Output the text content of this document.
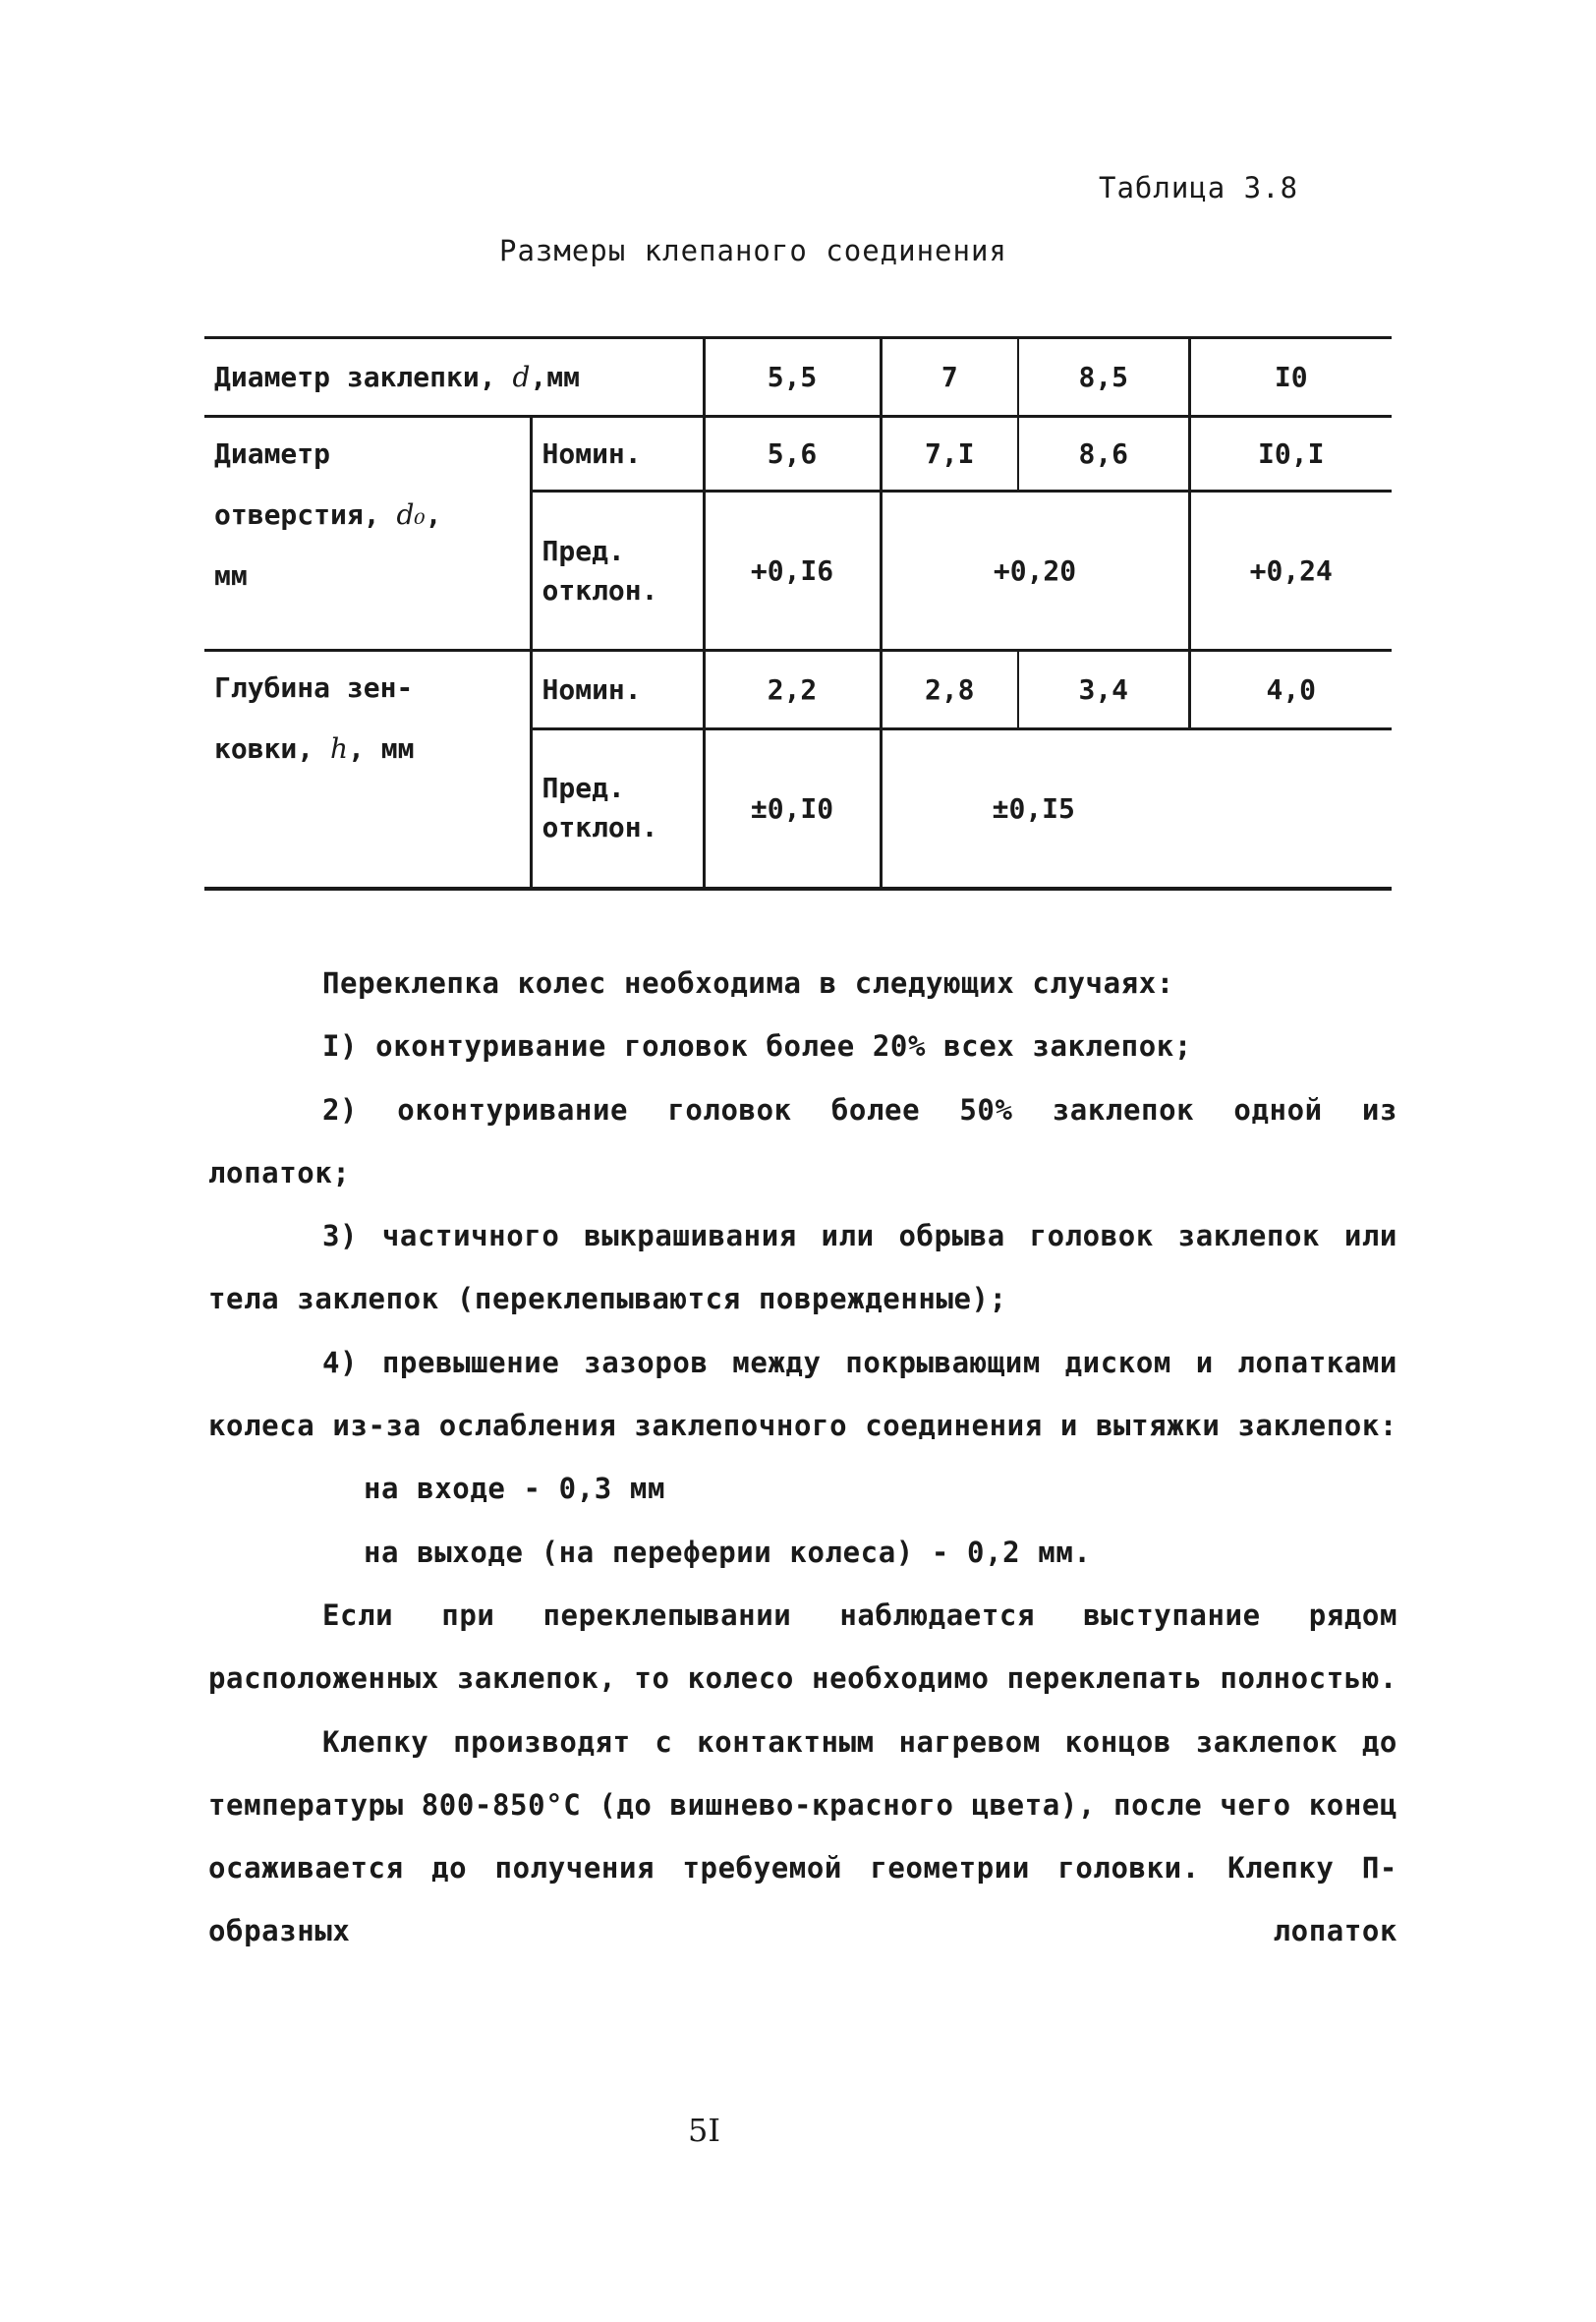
Таблица 3.8
Размеры клепаного соединения
Диаметр заклепки, d,мм		5,5	7	8,5	I0

Диаметр
отверстия, d₀,
мм	Номин.	5,6	7,I	8,6	I0,I

	Пред.
отклон.	+0,I6	+0,20		+0,24

Глубина зен-
ковки, h, мм	Номин.	2,2	2,8	3,4	4,0

	Пред.
отклон.	±0,I0	±0,I5		

Переклепка колес необходима в следующих случаях:

I) оконтуривание головок более 20% всех заклепок;

2) оконтуривание головок более 50% заклепок одной из лопаток;

3) частичного выкрашивания или обрыва головок заклепок или тела заклепок (переклепываются поврежденные);

4) превышение зазоров между покрывающим диском и лопатками колеса из-за ослабления заклепочного соединения и вытяжки заклепок:

на входе - 0,3 мм

на выходе (на переферии колеса) - 0,2 мм.

Если при переклепывании наблюдается выступание рядом расположенных заклепок, то колесо необходимо переклепать полностью.

Клепку производят с контактным нагревом концов заклепок до температуры 800-850°С (до вишнево-красного цвета), после чего конец осаживается до получения требуемой геометрии головки. Клепку П-образных лопаток

5I
